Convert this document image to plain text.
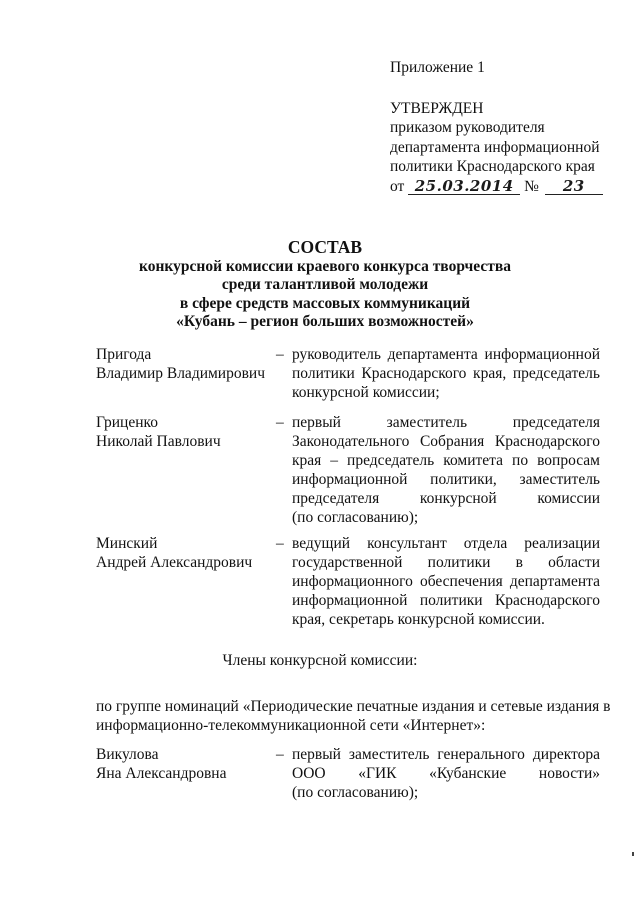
Приложение 1
УТВЕРЖДЕН
приказом руководителя
департамента информационной
политики Краснодарского края
от 25.03.2014 № 23
СОСТАВ
конкурсной комиссии краевого конкурса творчества
среди талантливой молодежи
в сфере средств массовых коммуникаций
«Кубань – регион больших возможностей»
Пригода
Владимир Владимирович
– руководитель департамента информационной
политики Краснодарского края, председатель
конкурсной комиссии;
Гриценко
Николай Павлович
– первый заместитель председателя
Законодательного Собрания Краснодарского
края – председатель комитета по вопросам
информационной политики, заместитель
председателя конкурсной комиссии
(по согласованию);
Минский
Андрей Александрович
– ведущий консультант отдела реализации
государственной политики в области
информационного обеспечения департамента
информационной политики Краснодарского
края, секретарь конкурсной комиссии.
Члены конкурсной комиссии:
по группе номинаций «Периодические печатные издания и сетевые издания в
информационно-телекоммуникационной сети «Интернет»:
Викулова
Яна Александровна
– первый заместитель генерального директора
ООО «ГИК «Кубанские новости»
(по согласованию);
